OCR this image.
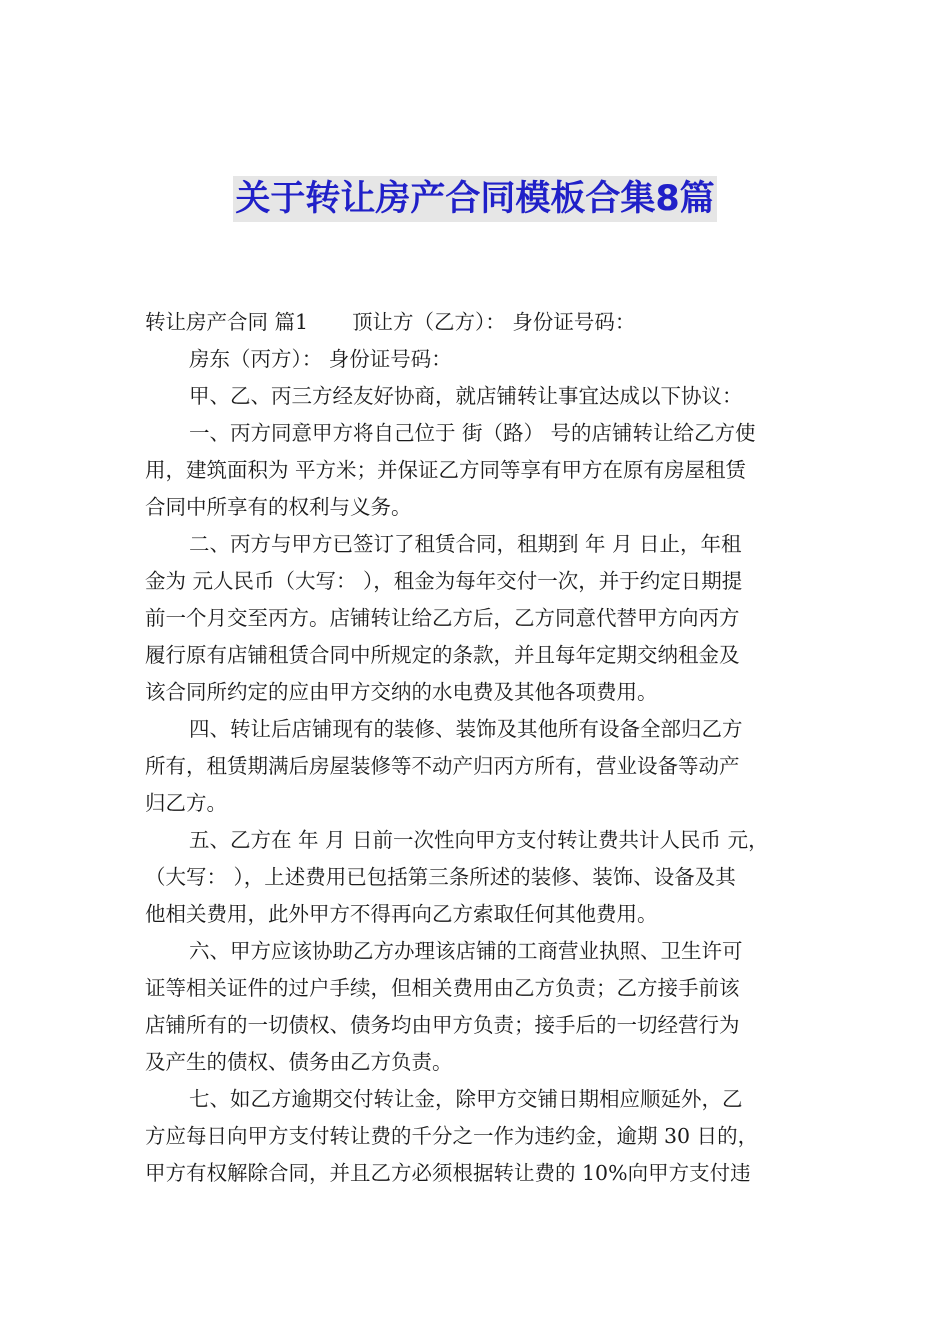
关于转让房产合同模板合集8篇
转让房产合同 篇1 顶让方（乙方）： 身份证号码：
房东（丙方）： 身份证号码：
甲、乙、丙三方经友好协商，就店铺转让事宜达成以下协议：
一、丙方同意甲方将自己位于 街（路） 号的店铺转让给乙方使
用，建筑面积为 平方米；并保证乙方同等享有甲方在原有房屋租赁
合同中所享有的权利与义务。
二、丙方与甲方已签订了租赁合同，租期到 年 月 日止，年租
金为 元人民币（大写： ），租金为每年交付一次，并于约定日期提
前一个月交至丙方。店铺转让给乙方后，乙方同意代替甲方向丙方
履行原有店铺租赁合同中所规定的条款，并且每年定期交纳租金及
该合同所约定的应由甲方交纳的水电费及其他各项费用。
四、转让后店铺现有的装修、装饰及其他所有设备全部归乙方
所有，租赁期满后房屋装修等不动产归丙方所有，营业设备等动产
归乙方。
五、乙方在 年 月 日前一次性向甲方支付转让费共计人民币 元，
（大写： ），上述费用已包括第三条所述的装修、装饰、设备及其
他相关费用，此外甲方不得再向乙方索取任何其他费用。
六、甲方应该协助乙方办理该店铺的工商营业执照、卫生许可
证等相关证件的过户手续，但相关费用由乙方负责；乙方接手前该
店铺所有的一切债权、债务均由甲方负责；接手后的一切经营行为
及产生的债权、债务由乙方负责。
七、如乙方逾期交付转让金，除甲方交铺日期相应顺延外，乙
方应每日向甲方支付转让费的千分之一作为违约金，逾期 30 日的，
甲方有权解除合同，并且乙方必须根据转让费的 10%向甲方支付违
